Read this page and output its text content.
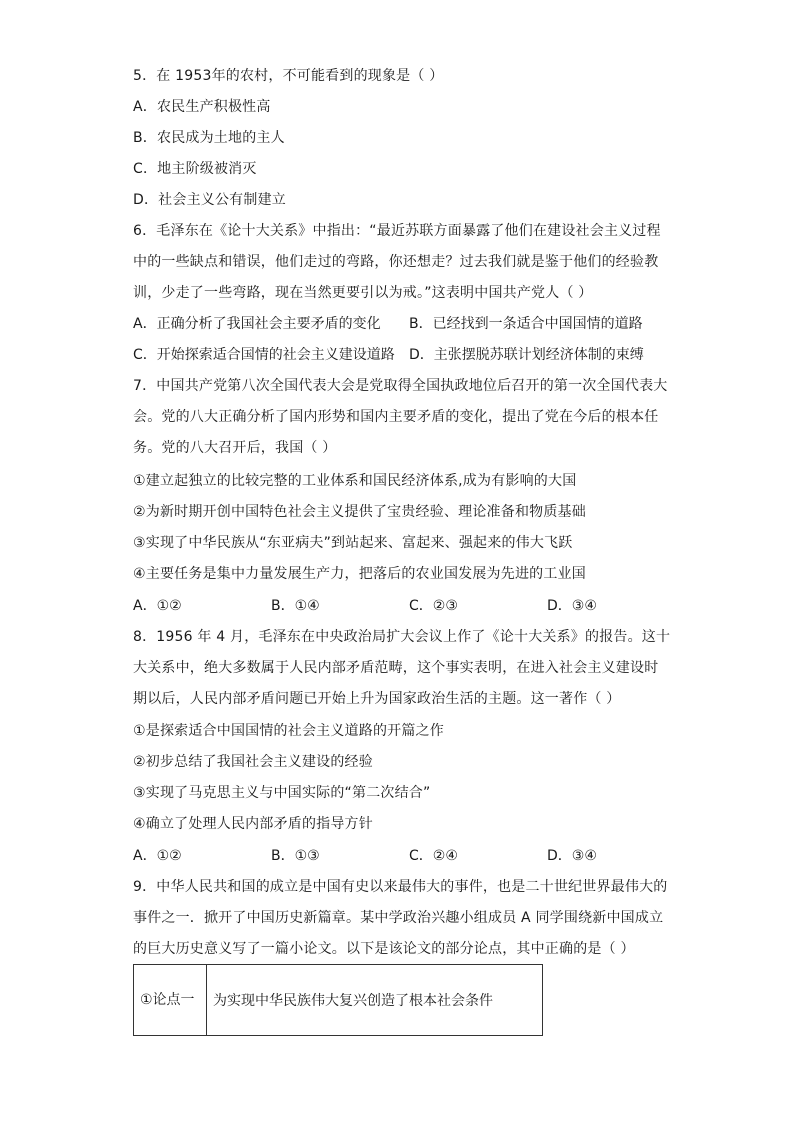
5．在 1953年的农村，不可能看到的现象是（ ）
A．农民生产积极性高
B．农民成为土地的主人
C．地主阶级被消灭
D．社会主义公有制建立
6．毛泽东在《论十大关系》中指出：“最近苏联方面暴露了他们在建设社会主义过程
中的一些缺点和错误，他们走过的弯路，你还想走？过去我们就是鉴于他们的经验教
训，少走了一些弯路，现在当然更要引以为戒。”这表明中国共产党人（ ）
A．正确分析了我国社会主要矛盾的变化 B．已经找到一条适合中国国情的道路
C．开始探索适合国情的社会主义建设道路 D．主张摆脱苏联计划经济体制的束缚
7．中国共产党第八次全国代表大会是党取得全国执政地位后召开的第一次全国代表大
会。党的八大正确分析了国内形势和国内主要矛盾的变化，提出了党在今后的根本任
务。党的八大召开后，我国（ ）
①建立起独立的比较完整的工业体系和国民经济体系,成为有影响的大国
②为新时期开创中国特色社会主义提供了宝贵经验、理论准备和物质基础
③实现了中华民族从“东亚病夫”到站起来、富起来、强起来的伟大飞跃
④主要任务是集中力量发展生产力，把落后的农业国发展为先进的工业国
A．①②	B．①④	C．②③	D．③④
8．1956 年 4 月，毛泽东在中央政治局扩大会议上作了《论十大关系》的报告。这十
大关系中，绝大多数属于人民内部矛盾范畴，这个事实表明，在进入社会主义建设时
期以后，人民内部矛盾问题已开始上升为国家政治生活的主题。这一著作（ ）
①是探索适合中国国情的社会主义道路的开篇之作
②初步总结了我国社会主义建设的经验
③实现了马克思主义与中国实际的“第二次结合”
④确立了处理人民内部矛盾的指导方针
A．①②	B．①③	C．②④	D．③④
9．中华人民共和国的成立是中国有史以来最伟大的事件，也是二十世纪世界最伟大的
事件之一．掀开了中国历史新篇章。某中学政治兴趣小组成员 A 同学围绕新中国成立
的巨大历史意义写了一篇小论文。以下是该论文的部分论点，其中正确的是（ ）
①论点一	为实现中华民族伟大复兴创造了根本社会条件
